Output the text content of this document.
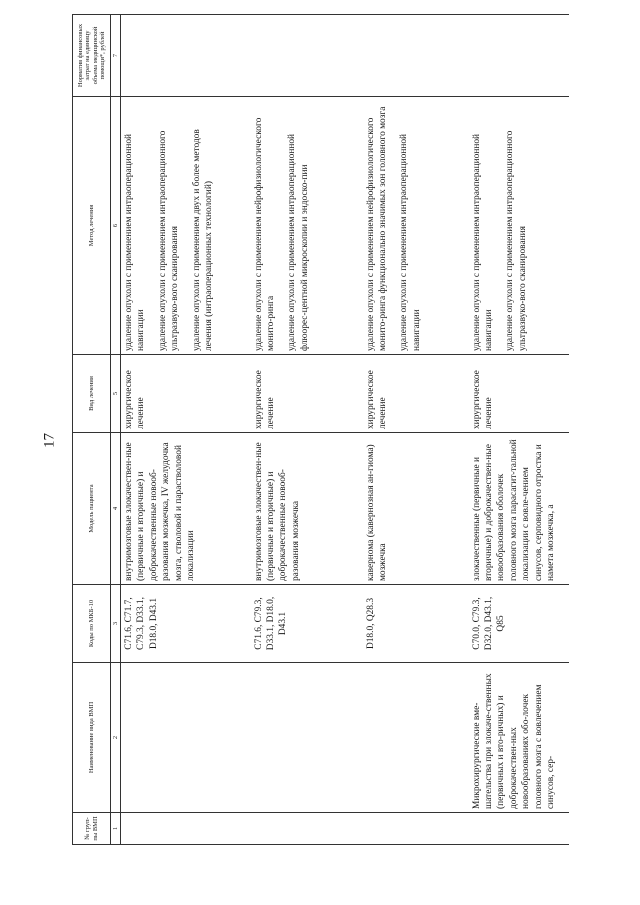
17
№ груп-
пы ВМП	Наименование вида ВМП	Коды по МКБ-10	Модель пациента	Вид лечения	Метод лечения	Норматив финансовых
затрат на единицу
объема медицинской
помощи*, рублей
1	2	3	4	5	6	7
		C71.6, C71.7, C79.3, D33.1, D18.0, D43.1	внутримозговые злокачествен-ные (первичные и вторичные) и доброкачественные новооб-разования мозжечка, IV желудочка мозга, стволовой и парастволовой локализации	хирургическое лечение	удаление опухоли с применением интраоперационной навигации удаление опухоли с применением интраоперационного ультразвуко-вого сканирования удаление опухоли с применением двух и более методов лечения (интраоперационных технологий)	

		C71.6, C79.3, D33.1, D18.0, D43.1	внутримозговые злокачествен-ные (первичные и вторичные) и доброкачественные новооб-разования мозжечка	хирургическое лечение	удаление опухоли с применением нейрофизиологического монито-ринга удаление опухоли с применением интраоперационной флюорес-центной микроскопии и эндоско-пии	

		D18.0, Q28.3	кавернома (кавернозная ан-гиома) мозжечка	хирургическое лечение	удаление опухоли с применением нейрофизиологического монито-ринга функционально значимых зон головного мозга удаление опухоли с применением интраоперационной навигации	

	Микрохирургические вме-шательства при злокаче-ственных (первичных и вто-ричных) и доброкачествен-ных новообразованиях обо-лочек головного мозга с вовлечением синусов, сер-	C70.0, C79.3, D32.0, D43.1, Q85	злокачественные (первичные и вторичные) и доброкачествен-ные новообразования оболочек головного мозга парасагит-тальной локализации с вовле-чением синусов, серповидного отростка и намета мозжечка, а	хирургическое лечение	удаление опухоли с применением интраоперационной навигации удаление опухоли с применением интраоперационного ультразвуко-вого сканирования	
